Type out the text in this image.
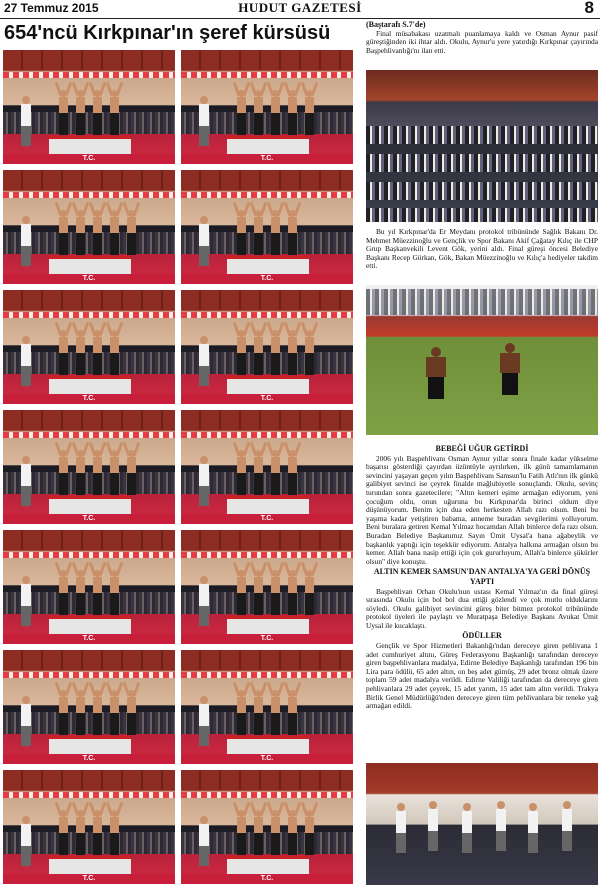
27 Temmuz 2015	HUDUT GAZETESİ	8
654'ncü Kırkpınar'ın şeref kürsüsü
T.C.	T.C.
T.C.	T.C.
T.C.	T.C.
T.C.	T.C.
T.C.	T.C.
T.C.	T.C.
T.C.	T.C.
(Baştarafı S.7'de)

Final müsabakası uzatmalı puanlamaya kaldı ve Osman Aynur pasif güreştiğinden iki ihtar aldı. Okulu, Aynur'u yere yatırdığı Kırkpınar çayırında Başpehlivanlığı'nı ilan etti.

Bu yıl Kırkpınar'da Er Meydanı protokol tribününde Sağlık Bakanı Dr. Mehmet Müezzinoğlu ve Gençlik ve Spor Bakanı Akif Çağatay Kılıç ile CHP Grup Başkanvekili Levent Gök, yerini aldı. Final güreşi öncesi Belediye Başkanı Recep Gürkan, Gök, Bakan Müezzinoğlu ve Kılıç'a hediyeler takdim etti.

BEBEĞİ UĞUR GETİRDİ

2006 yılı Başpehlivanı Osman Aynur yıllar sonra finale kadar yükselme başarısı gösterdiği çayırdan üzüntüyle ayrılırken, ilk günü tamamlamanın sevincini yaşayan geçen yılın Başpehlivanı Samsun'lu Fatih Atlı'nın ilk günkü galibiyet sevinci ise çeyrek finalde mağlubiyetle sonuçlandı. Okulu, sevinç turundan sonra gazetecilere; "Altın kemeri eşime armağan ediyorum, yeni çocuğum oldu, onun uğuruna bu Kırkpınar'da birinci oldum diye düşünüyorum. Benim için dua eden herkesten Allah razı olsun. Beni bu yaşıma kadar yetiştiren babama, annemе buradan sevgilerimi yolluyorum. Beni buralara getiren Kemal Yılmaz hocamdan Allah binlerce defa razı olsun. Buradan Belediye Başkanımız Sayın Ümit Uysal'a bana ağabeylik ve başkanlık yaptığı için teşekkür ediyorum. Antalya halkına armağan olsun bu kemer. Allah bana nasip ettiği için çok gururluyum, Allah'a binlerce şükürler olsun" diye konuştu.

ALTIN KEMER SAMSUN'DAN ANTALYA'YA GERİ DÖNÜŞ YAPTI

Başpehlivan Orhan Okulu'nun ustası Kemal Yılmaz'ın da final güreşi sırasında Okulu için bol bol dua ettiği gözlendi ve çok mutlu olduklarını söyledi. Okulu galibiyet sevincini güreş biter bitmez protokol tribününde protokol üyeleri ile paylaştı ve Muratpaşa Belediye Başkanı Avukat Ümit Uysal ile kucaklaştı.

ÖDÜLLER

Gençlik ve Spor Hizmetleri Bakanlığı'ndan dereceye giren pehlivana 1 adet cumhuriyet altını, Güreş Federasyonu Başkanlığı tarafından dereceye giren başpehlivanlara madalya, Edirne Belediye Başkanlığı tarafından 196 bin Lira para ödülü, 65 adet altın, on beş adet gümüş, 29 adet bronz olmak üzere toplam 59 adet madalya verildi. Edirne Valiliği tarafından da dereceye giren pehlivanlara 29 adet çeyrek, 15 adet yarım, 15 adet tam altın verildi. Trakya Birlik Genel Müdürlüğü'nden dereceye giren tüm pehlivanlara bir teneke yağ armağan edildi.
